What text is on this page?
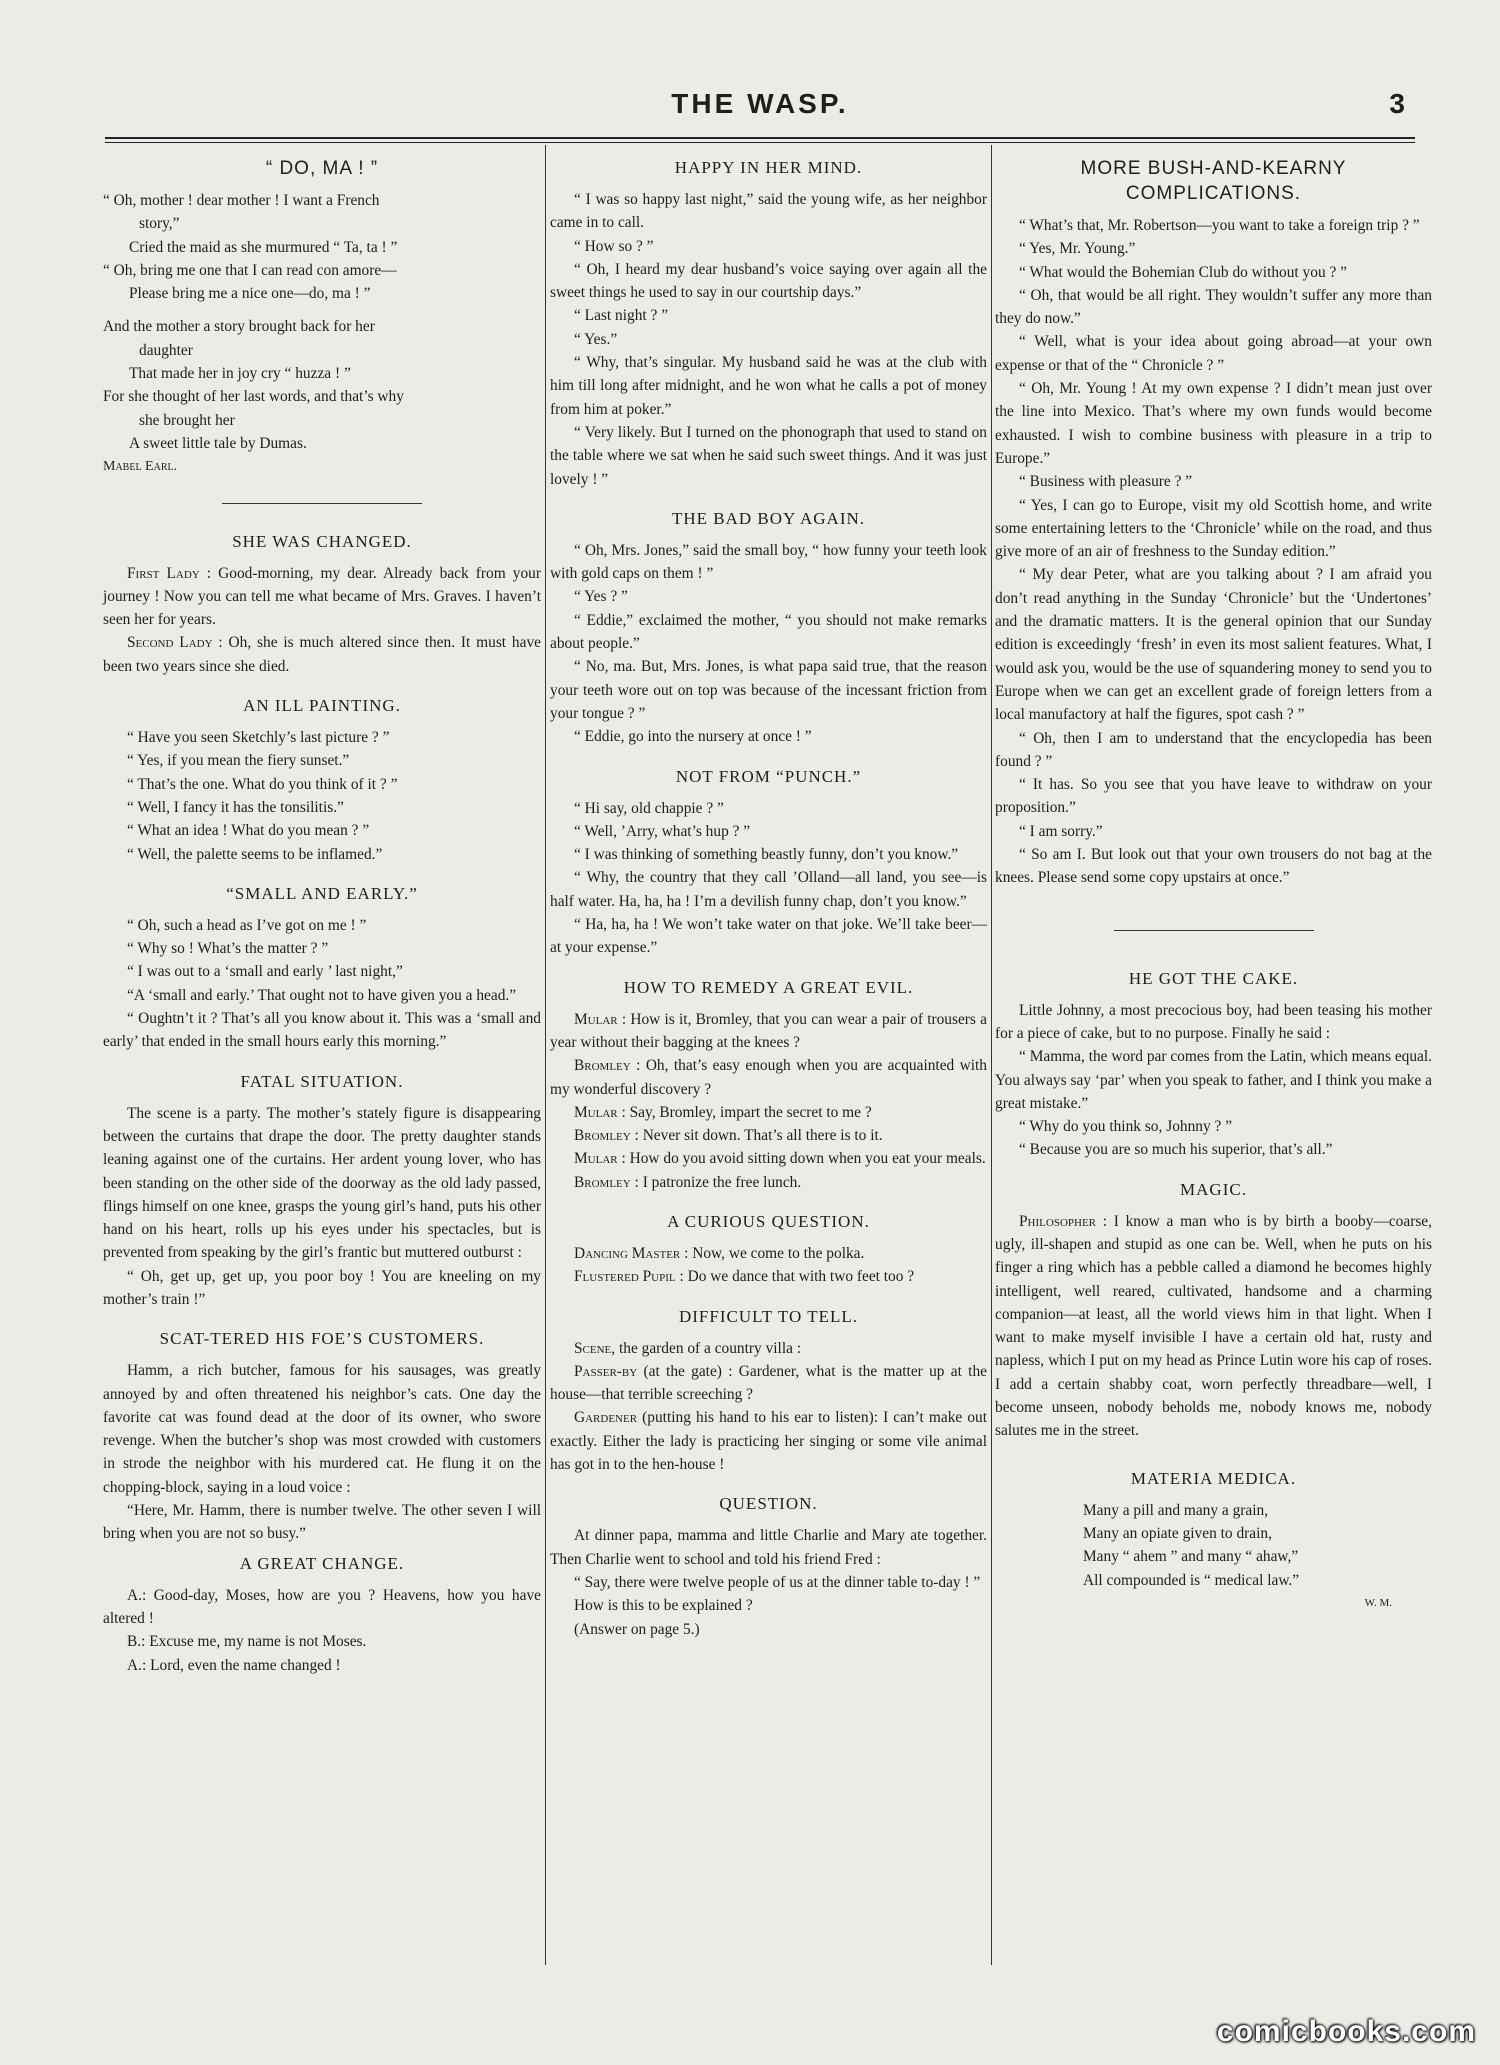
THE WASP.	3
“ DO, MA ! ”
“ Oh, mother ! dear mother ! I want a French
story,”
Cried the maid as she murmured “ Ta, ta ! ”
“ Oh, bring me one that I can read con amore—
Please bring me a nice one—do, ma ! ”
And the mother a story brought back for her
daughter
That made her in joy cry “ huzza ! ”
For she thought of her last words, and that’s why
she brought her
A sweet little tale by Dumas.
Mabel Earl.
SHE WAS CHANGED.

First Lady : Good-morning, my dear. Already back from your journey ! Now you can tell me what became of Mrs. Graves. I haven’t seen her for years.

Second Lady : Oh, she is much altered since then. It must have been two years since she died.

AN ILL PAINTING.

“ Have you seen Sketchly’s last picture ? ”

“ Yes, if you mean the fiery sunset.”

“ That’s the one. What do you think of it ? ”

“ Well, I fancy it has the tonsilitis.”

“ What an idea ! What do you mean ? ”

“ Well, the palette seems to be inflamed.”

“SMALL AND EARLY.”

“ Oh, such a head as I’ve got on me ! ”

“ Why so ! What’s the matter ? ”

“ I was out to a ‘small and early ’ last night,”

“A ‘small and early.’ That ought not to have given you a head.”

“ Oughtn’t it ? That’s all you know about it. This was a ‘small and early’ that ended in the small hours early this morning.”

FATAL SITUATION.

The scene is a party. The mother’s stately figure is disappearing between the curtains that drape the door. The pretty daughter stands leaning against one of the curtains. Her ardent young lover, who has been standing on the other side of the doorway as the old lady passed, flings himself on one knee, grasps the young girl’s hand, puts his other hand on his heart, rolls up his eyes under his spectacles, but is prevented from speaking by the girl’s frantic but muttered outburst :

“ Oh, get up, get up, you poor boy ! You are kneeling on my mother’s train !”

SCAT-TERED HIS FOE’S CUSTOMERS.

Hamm, a rich butcher, famous for his sausages, was greatly annoyed by and often threatened his neighbor’s cats. One day the favorite cat was found dead at the door of its owner, who swore revenge. When the butcher’s shop was most crowded with customers in strode the neighbor with his murdered cat. He flung it on the chopping-block, saying in a loud voice :

“Here, Mr. Hamm, there is number twelve. The other seven I will bring when you are not so busy.”

A GREAT CHANGE.

A.: Good-day, Moses, how are you ? Heavens, how you have altered !

B.: Excuse me, my name is not Moses.

A.: Lord, even the name changed !

HAPPY IN HER MIND.

“ I was so happy last night,” said the young wife, as her neighbor came in to call.

“ How so ? ”

“ Oh, I heard my dear husband’s voice saying over again all the sweet things he used to say in our courtship days.”

“ Last night ? ”

“ Yes.”

“ Why, that’s singular. My husband said he was at the club with him till long after midnight, and he won what he calls a pot of money from him at poker.”

“ Very likely. But I turned on the phonograph that used to stand on the table where we sat when he said such sweet things. And it was just lovely ! ”

THE BAD BOY AGAIN.

“ Oh, Mrs. Jones,” said the small boy, “ how funny your teeth look with gold caps on them ! ”

“ Yes ? ”

“ Eddie,” exclaimed the mother, “ you should not make remarks about people.”

“ No, ma. But, Mrs. Jones, is what papa said true, that the reason your teeth wore out on top was because of the incessant friction from your tongue ? ”

“ Eddie, go into the nursery at once ! ”

NOT FROM “PUNCH.”

“ Hi say, old chappie ? ”

“ Well, ’Arry, what’s hup ? ”

“ I was thinking of something beastly funny, don’t you know.”

“ Why, the country that they call ’Olland—all land, you see—is half water. Ha, ha, ha ! I’m a devilish funny chap, don’t you know.”

“ Ha, ha, ha ! We won’t take water on that joke. We’ll take beer—at your expense.”

HOW TO REMEDY A GREAT EVIL.

Mular : How is it, Bromley, that you can wear a pair of trousers a year without their bagging at the knees ?

Bromley : Oh, that’s easy enough when you are acquainted with my wonderful discovery ?

Mular : Say, Bromley, impart the secret to me ?

Bromley : Never sit down. That’s all there is to it.

Mular : How do you avoid sitting down when you eat your meals.

Bromley : I patronize the free lunch.

A CURIOUS QUESTION.

Dancing Master : Now, we come to the polka.

Flustered Pupil : Do we dance that with two feet too ?

DIFFICULT TO TELL.

Scene, the garden of a country villa :

Passer-by (at the gate) : Gardener, what is the matter up at the house—that terrible screeching ?

Gardener (putting his hand to his ear to listen): I can’t make out exactly. Either the lady is practicing her singing or some vile animal has got in to the hen-house !

QUESTION.

At dinner papa, mamma and little Charlie and Mary ate together. Then Charlie went to school and told his friend Fred :

“ Say, there were twelve people of us at the dinner table to-day ! ”

How is this to be explained ?

(Answer on page 5.)

MORE BUSH-AND-KEARNY COMPLICATIONS.

“ What’s that, Mr. Robertson—you want to take a foreign trip ? ”

“ Yes, Mr. Young.”

“ What would the Bohemian Club do without you ? ”

“ Oh, that would be all right. They wouldn’t suffer any more than they do now.”

“ Well, what is your idea about going abroad—at your own expense or that of the “ Chronicle ? ”

“ Oh, Mr. Young ! At my own expense ? I didn’t mean just over the line into Mexico. That’s where my own funds would become exhausted. I wish to combine business with pleasure in a trip to Europe.”

“ Business with pleasure ? ”

“ Yes, I can go to Europe, visit my old Scottish home, and write some entertaining letters to the ‘Chronicle’ while on the road, and thus give more of an air of freshness to the Sunday edition.”

“ My dear Peter, what are you talking about ? I am afraid you don’t read anything in the Sunday ‘Chronicle’ but the ‘Undertones’ and the dramatic matters. It is the general opinion that our Sunday edition is exceedingly ‘fresh’ in even its most salient features. What, I would ask you, would be the use of squandering money to send you to Europe when we can get an excellent grade of foreign letters from a local manufactory at half the figures, spot cash ? ”

“ Oh, then I am to understand that the encyclopedia has been found ? ”

“ It has. So you see that you have leave to withdraw on your proposition.”

“ I am sorry.”

“ So am I. But look out that your own trousers do not bag at the knees. Please send some copy upstairs at once.”

HE GOT THE CAKE.

Little Johnny, a most precocious boy, had been teasing his mother for a piece of cake, but to no purpose. Finally he said :

“ Mamma, the word par comes from the Latin, which means equal. You always say ‘par’ when you speak to father, and I think you make a great mistake.”

“ Why do you think so, Johnny ? ”

“ Because you are so much his superior, that’s all.”

MAGIC.

Philosopher : I know a man who is by birth a booby—coarse, ugly, ill-shapen and stupid as one can be. Well, when he puts on his finger a ring which has a pebble called a diamond he becomes highly intelligent, well reared, cultivated, handsome and a charming companion—at least, all the world views him in that light. When I want to make myself invisible I have a certain old hat, rusty and napless, which I put on my head as Prince Lutin wore his cap of roses. I add a certain shabby coat, worn perfectly threadbare—well, I become unseen, nobody beholds me, nobody knows me, nobody salutes me in the street.

MATERIA MEDICA.
Many a pill and many a grain,
Many an opiate given to drain,
Many “ ahem ” and many “ ahaw,”
All compounded is “ medical law.”
W. M.
comicbooks.com
